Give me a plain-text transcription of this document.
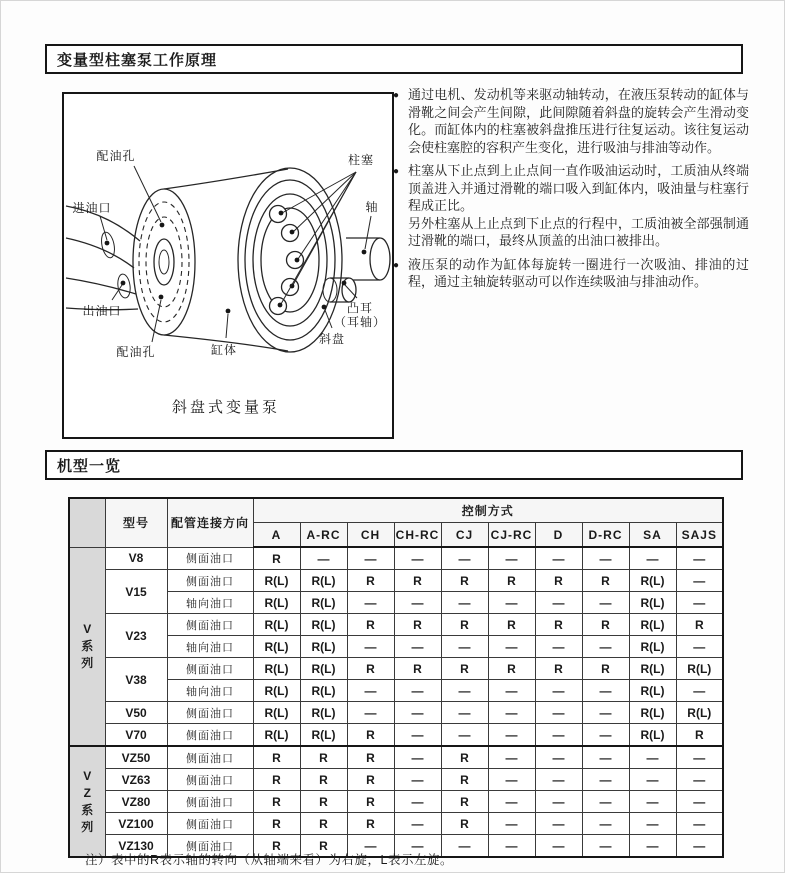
变量型柱塞泵工作原理
配油孔	柱塞
轴
进油口
出油口
配油孔	缸体
斜盘
凸耳
（耳轴）
斜盘式变量泵
● 通过电机、发动机等来驱动轴转动，在液压泵转动的缸体与滑靴之间会产生间隙，此间隙随着斜盘的旋转会产生滑动变化。而缸体内的柱塞被斜盘推压进行往复运动。该往复运动会使柱塞腔的容积产生变化，进行吸油与排油等动作。

● 柱塞从下止点到上止点间一直作吸油运动时，工质油从终端顶盖进入并通过滑靴的端口吸入到缸体内，吸油量与柱塞行程成正比。

另外柱塞从上止点到下止点的行程中，工质油被全部强制通过滑靴的端口，最终从顶盖的出油口被排出。

● 液压泵的动作为缸体每旋转一圈进行一次吸油、排油的过程，通过主轴旋转驱动可以作连续吸油与排油动作。

机型一览
	型号	配管连接方向	控制方式									
			A	A-RC	CH	CH-RC	CJ	CJ-RC	D	D-RC	SA	SAJS
V系列	V8	侧面油口	R	—	—	—	—	—	—	—	—	—
	V15	侧面油口	R(L)	R(L)	R	R	R	R	R	R	R(L)	—
		轴向油口	R(L)	R(L)	—	—	—	—	—	—	R(L)	—
	V23	侧面油口	R(L)	R(L)	R	R	R	R	R	R	R(L)	R
		轴向油口	R(L)	R(L)	—	—	—	—	—	—	R(L)	—
	V38	侧面油口	R(L)	R(L)	R	R	R	R	R	R	R(L)	R(L)
		轴向油口	R(L)	R(L)	—	—	—	—	—	—	R(L)	—
	V50	侧面油口	R(L)	R(L)	—	—	—	—	—	—	R(L)	R(L)
	V70	侧面油口	R(L)	R(L)	R	—	—	—	—	—	R(L)	R
VZ系列	VZ50	侧面油口	R	R	R	—	R	—	—	—	—	—
	VZ63	侧面油口	R	R	R	—	R	—	—	—	—	—
	VZ80	侧面油口	R	R	R	—	R	—	—	—	—	—
	VZ100	侧面油口	R	R	R	—	R	—	—	—	—	—
	VZ130	侧面油口	R	R	—	—	—	—	—	—	—	—
注）表中的R表示轴的转向（从轴端来看）为右旋，L表示左旋。
